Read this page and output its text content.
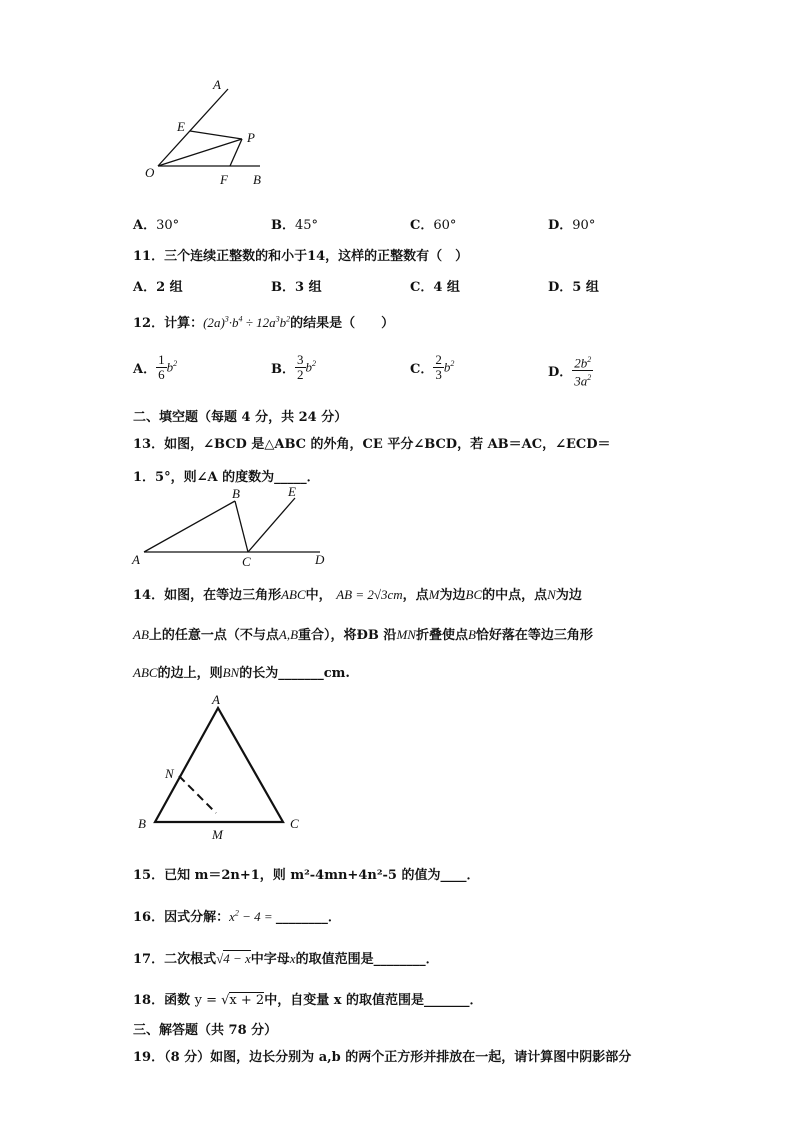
A
E
P
O	F B
A．30°	B．45°	C．60°	D．90°
11．三个连续正整数的和小于14，这样的正整数有（　）
A．2 组	B．3 组	C．4 组	D．5 组
12．计算：$(2a)^3\cdot b^4 \div 12a^3b^2$的结果是（　　）
A． $\frac{1}{6} b^2$	B． $\frac{3}{2} b^2$	C． $\frac{2}{3} b^2$
D． $\frac{2b^2}{3a^2}$
二、填空题（每题 4 分，共 24 分）
13．如图，∠BCD 是△ABC 的外角，CE 平分∠BCD，若 AB＝AC，∠ECD＝
1．5°，则∠A 的度数为_____．
B	E
A	C	D
14．如图，在等边三角形ABC中， AB = 2√3cm，点M为边BC的中点，点N为边
AB上的任意一点（不与点A,B重合），将ÐB 沿MN折叠使点B恰好落在等边三角形
ABC的边上，则BN的长为_______cm.
A
N
B
M
C
15．已知 m＝2n+1，则 m²-4mn+4n²-5 的值为____．
16．因式分解：$x^2 - 4$ = ________．
17．二次根式√4 − x中字母x的取值范围是________．
18．函数 y = √x + 2中，自变量 x 的取值范围是_______．
三、解答题（共 78 分）
19．（8 分）如图，边长分别为 a,b 的两个正方形并排放在一起，请计算图中阴影部分
